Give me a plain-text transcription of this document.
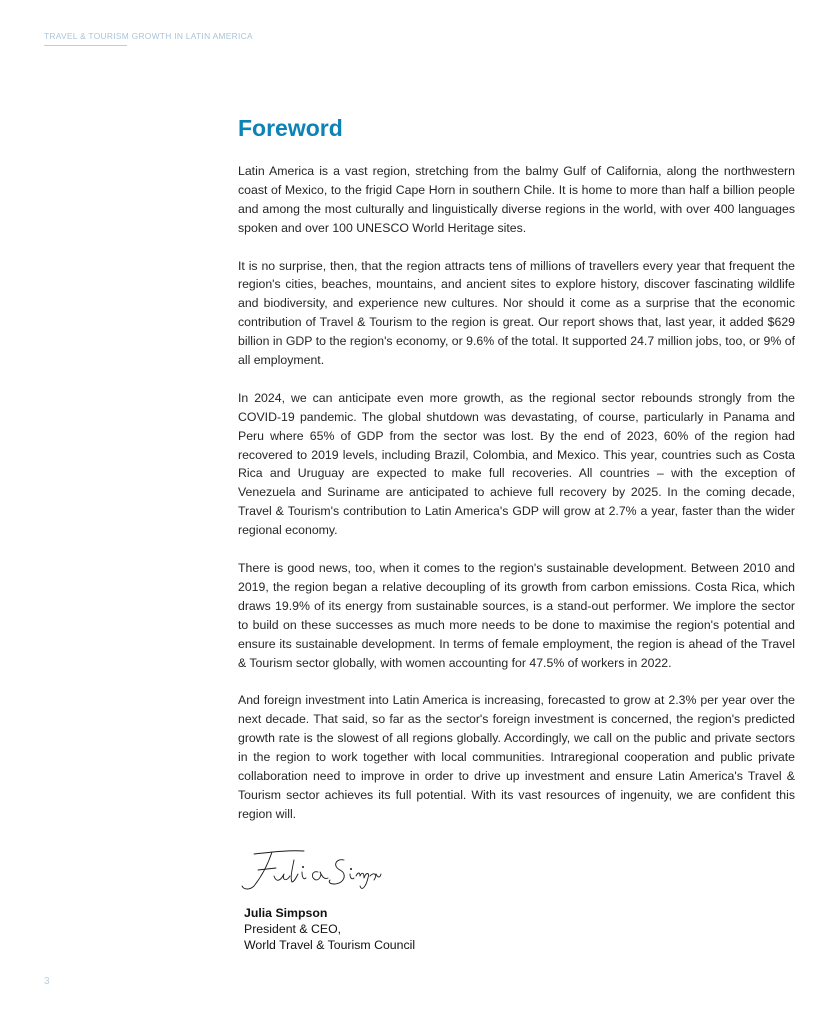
TRAVEL & TOURISM GROWTH IN LATIN AMERICA
Foreword

Latin America is a vast region, stretching from the balmy Gulf of California, along the northwestern coast of Mexico, to the frigid Cape Horn in southern Chile. It is home to more than half a billion people and among the most culturally and linguistically diverse regions in the world, with over 400 languages spoken and over 100 UNESCO World Heritage sites.

It is no surprise, then, that the region attracts tens of millions of travellers every year that frequent the region's cities, beaches, mountains, and ancient sites to explore history, discover fascinating wildlife and biodiversity, and experience new cultures. Nor should it come as a surprise that the economic contribution of Travel & Tourism to the region is great. Our report shows that, last year, it added $629 billion in GDP to the region's economy, or 9.6% of the total. It supported 24.7 million jobs, too, or 9% of all employment.

In 2024, we can anticipate even more growth, as the regional sector rebounds strongly from the COVID-19 pandemic. The global shutdown was devastating, of course, particularly in Panama and Peru where 65% of GDP from the sector was lost. By the end of 2023, 60% of the region had recovered to 2019 levels, including Brazil, Colombia, and Mexico. This year, countries such as Costa Rica and Uruguay are expected to make full recoveries. All countries – with the exception of Venezuela and Suriname are anticipated to achieve full recovery by 2025. In the coming decade, Travel & Tourism's contribution to Latin America's GDP will grow at 2.7% a year, faster than the wider regional economy.

There is good news, too, when it comes to the region's sustainable development. Between 2010 and 2019, the region began a relative decoupling of its growth from carbon emissions. Costa Rica, which draws 19.9% of its energy from sustainable sources, is a stand-out performer. We implore the sector to build on these successes as much more needs to be done to maximise the region's potential and ensure its sustainable development. In terms of female employment, the region is ahead of the Travel & Tourism sector globally, with women accounting for 47.5% of workers in 2022.

And foreign investment into Latin America is increasing, forecasted to grow at 2.3% per year over the next decade. That said, so far as the sector's foreign investment is concerned, the region's predicted growth rate is the slowest of all regions globally. Accordingly, we call on the public and private sectors in the region to work together with local communities. Intraregional cooperation and public private collaboration need to improve in order to drive up investment and ensure Latin America's Travel & Tourism sector achieves its full potential. With its vast resources of ingenuity, we are confident this region will.

Julia Simpson
President & CEO,
World Travel & Tourism Council
3
